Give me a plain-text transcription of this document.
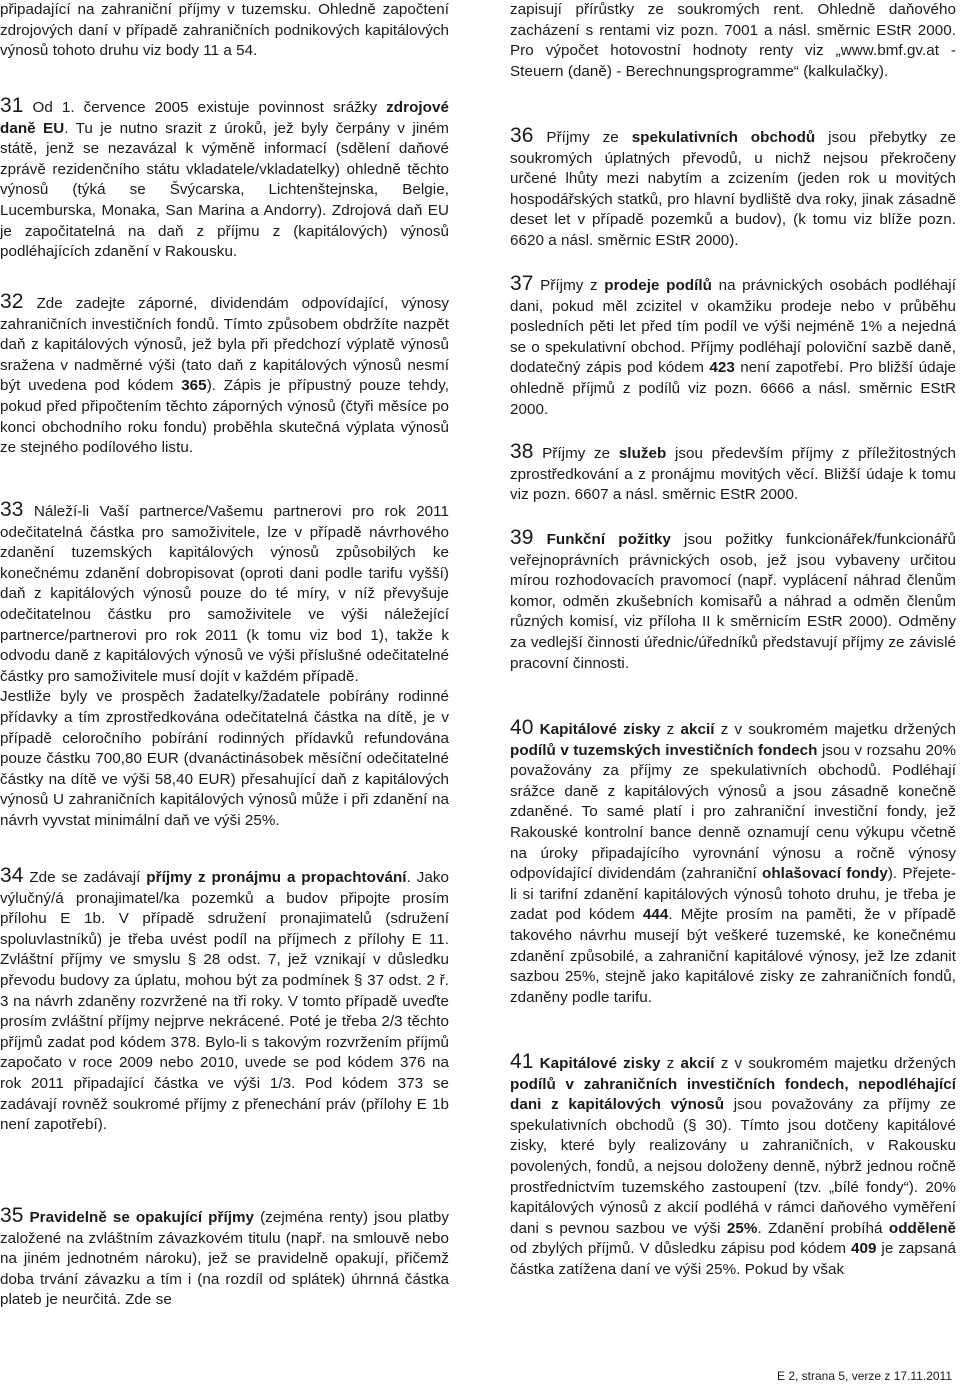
připadající na zahraniční příjmy v tuzemsku. Ohledně započtení zdrojových daní v případě zahraničních podnikových kapitálových výnosů tohoto druhu viz body 11 a 54.

31 Od 1. července 2005 existuje povinnost srážky zdrojové daně EU. Tu je nutno srazit z úroků, jež byly čerpány v jiném státě, jenž se nezavázal k výměně informací (sdělení daňové zprávě rezidenčního státu vkladatele/vkladatelky) ohledně těchto výnosů (týká se Švýcarska, Lichtenštejnska, Belgie, Lucemburska, Monaka, San Marina a Andorry). Zdrojová daň EU je započitatelná na daň z příjmu z (kapitálových) výnosů podléhajících zdanění v Rakousku.

32 Zde zadejte záporné, dividendám odpovídající, výnosy zahraničních investičních fondů. Tímto způsobem obdržíte nazpět daň z kapitálových výnosů, jež byla při předchozí výplatě výnosů sražena v nadměrné výši (tato daň z kapitálových výnosů nesmí být uvedena pod kódem 365). Zápis je přípustný pouze tehdy, pokud před připočtením těchto záporných výnosů (čtyři měsíce po konci obchodního roku fondu) proběhla skutečná výplata výnosů ze stejného podílového listu.

33 Náleží-li Vaší partnerce/Vašemu partnerovi pro rok 2011 odečitatelná částka pro samoživitele, lze v případě návrhového zdanění tuzemských kapitálových výnosů způsobilých ke konečnému zdanění dobropisovat (oproti dani podle tarifu vyšší) daň z kapitálových výnosů pouze do té míry, v níž převyšuje odečitatelnou částku pro samoživitele ve výši náležející partnerce/partnerovi pro rok 2011 (k tomu viz bod 1), takže k odvodu daně z kapitálových výnosů ve výši příslušné odečitatelné částky pro samoživitele musí dojít v každém případě.

Jestliže byly ve prospěch žadatelky/žadatele pobírány rodinné přídavky a tím zprostředkována odečitatelná částka na dítě, je v případě celoročního pobírání rodinných přídavků refundována pouze částku 700,80 EUR (dvanáctinásobek měsíční odečitatelné částky na dítě ve výši 58,40 EUR) přesahující daň z kapitálových výnosů U zahraničních kapitálových výnosů může i při zdanění na návrh vyvstat minimální daň ve výši 25%.

34 Zde se zadávají příjmy z pronájmu a propachtování. Jako výlučný/á pronajimatel/ka pozemků a budov připojte prosím přílohu E 1b. V případě sdružení pronajimatelů (sdružení spoluvlastníků) je třeba uvést podíl na příjmech z přílohy E 11. Zvláštní příjmy ve smyslu § 28 odst. 7, jež vznikají v důsledku převodu budovy za úplatu, mohou být za podmínek § 37 odst. 2 ř. 3 na návrh zdaněny rozvržené na tři roky. V tomto případě uveďte prosím zvláštní příjmy nejprve nekrácené. Poté je třeba 2/3 těchto příjmů zadat pod kódem 378. Bylo-li s takovým rozvržením příjmů započato v roce 2009 nebo 2010, uvede se pod kódem 376 na rok 2011 připadající částka ve výši 1/3. Pod kódem 373 se zadávají rovněž soukromé příjmy z přenechání práv (přílohy E 1b není zapotřebí).

35 Pravidelně se opakující příjmy (zejména renty) jsou platby založené na zvláštním závazkovém titulu (např. na smlouvě nebo na jiném jednotném nároku), jež se pravidelně opakují, přičemž doba trvání závazku a tím i (na rozdíl od splátek) úhrnná částka plateb je neurčitá. Zde se

zapisují přírůstky ze soukromých rent. Ohledně daňového zacházení s rentami viz pozn. 7001 a násl. směrnic EStR 2000. Pro výpočet hotovostní hodnoty renty viz „www.bmf.gv.at - Steuern (daně) - Berechnungsprogramme“ (kalkulačky).

36 Příjmy ze spekulativních obchodů jsou přebytky ze soukromých úplatných převodů, u nichž nejsou překročeny určené lhůty mezi nabytím a zcizením (jeden rok u movitých hospodářských statků, pro hlavní bydliště dva roky, jinak zásadně deset let v případě pozemků a budov), (k tomu viz blíže pozn. 6620 a násl. směrnic EStR 2000).

37 Příjmy z prodeje podílů na právnických osobách podléhají dani, pokud měl zcizitel v okamžiku prodeje nebo v průběhu posledních pěti let před tím podíl ve výši nejméně 1% a nejedná se o spekulativní obchod. Příjmy podléhají poloviční sazbě daně, dodatečný zápis pod kódem 423 není zapotřebí. Pro bližší údaje ohledně příjmů z podílů viz pozn. 6666 a násl. směrnic EStR 2000.

38 Příjmy ze služeb jsou především příjmy z příležitostných zprostředkování a z pronájmu movitých věcí. Bližší údaje k tomu viz pozn. 6607 a násl. směrnic EStR 2000.

39 Funkční požitky jsou požitky funkcionářek/funkcionářů veřejnoprávních právnických osob, jež jsou vybaveny určitou mírou rozhodovacích pravomocí (např. vyplácení náhrad členům komor, odměn zkušebních komisařů a náhrad a odměn členům různých komisí, viz příloha II k směrnicím EStR 2000). Odměny za vedlejší činnosti úřednic/úředníků představují příjmy ze závislé pracovní činnosti.

40 Kapitálové zisky z akcií z v soukromém majetku držených podílů v tuzemských investičních fondech jsou v rozsahu 20% považovány za příjmy ze spekulativních obchodů. Podléhají srážce daně z kapitálových výnosů a jsou zásadně konečně zdaněné. To samé platí i pro zahraniční investiční fondy, jež Rakouské kontrolní bance denně oznamují cenu výkupu včetně na úroky připadajícího vyrovnání výnosu a ročně výnosy odpovídající dividendám (zahraniční ohlašovací fondy). Přejete-li si tarifní zdanění kapitálových výnosů tohoto druhu, je třeba je zadat pod kódem 444. Mějte prosím na paměti, že v případě takového návrhu musejí být veškeré tuzemské, ke konečnému zdanění způsobilé, a zahraniční kapitálové výnosy, jež lze zdanit sazbou 25%, stejně jako kapitálové zisky ze zahraničních fondů, zdaněny podle tarifu.

41 Kapitálové zisky z akcií z v soukromém majetku držených podílů v zahraničních investičních fondech, nepodléhající dani z kapitálových výnosů jsou považovány za příjmy ze spekulativních obchodů (§ 30). Tímto jsou dotčeny kapitálové zisky, které byly realizovány u zahraničních, v Rakousku povolených, fondů, a nejsou doloženy denně, nýbrž jednou ročně prostřednictvím tuzemského zastoupení (tzv. „bílé fondy“). 20% kapitálových výnosů z akcií podléhá v rámci daňového vyměření dani s pevnou sazbou ve výši 25%. Zdanění probíhá odděleně od zbylých příjmů. V důsledku zápisu pod kódem 409 je zapsaná částka zatížena daní ve výši 25%. Pokud by však

E 2, strana 5, verze z 17.11.2011
